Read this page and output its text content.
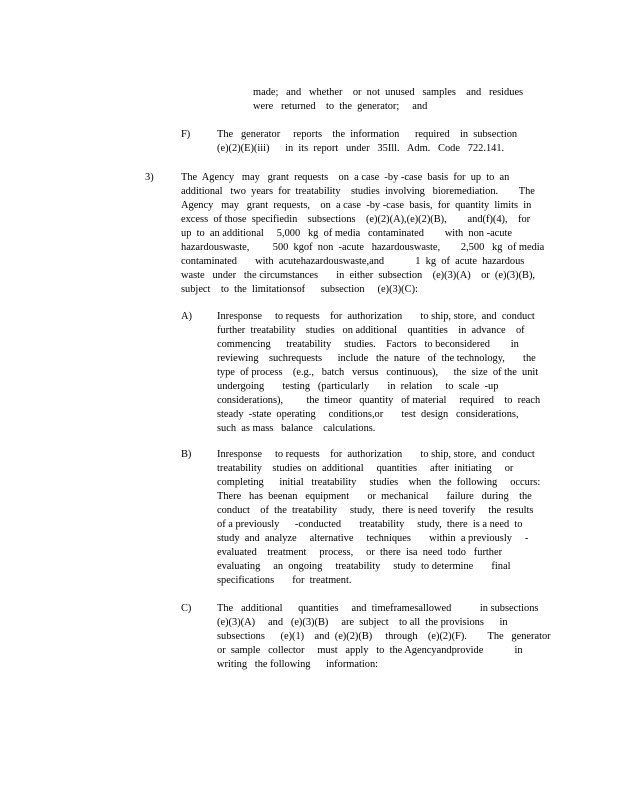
made;   and   whether    or  not  unused   samples    and   residues
were   returned    to  the  generator;     and
F)	The   generator     reports    the  information      required    in  subsection
(e)(2)(E)(iii)      in  its  report   under   35Ill.   Adm.   Code   722.141.
3)	The  Agency   may   grant  requests    on  a case  -by -case  basis  for  up  to  an
additional   two  years  for  treatability    studies  involving   bioremediation.        The
Agency   may   grant  requests,    on  a case  -by -case  basis,  for  quantity  limits  in
excess  of those  specifiedin    subsections    (e)(2)(A),(e)(2)(B),        and(f)(4),    for
up  to  an additional     5,000   kg  of media   contaminated        with  non -acute
hazardouswaste,         500  kgof  non  -acute   hazardouswaste,        2,500   kg  of media
contaminated       with  acutehazardouswaste,and            1  kg  of  acute  hazardous
waste   under   the circumstances       in  either  subsection    (e)(3)(A)    or  (e)(3)(B),
subject    to  the  limitationsof      subsection     (e)(3)(C):
A) Inresponse     to requests    for  authorization       to ship, store,  and  conduct
further  treatability    studies   on additional    quantities    in  advance    of
commencing      treatability     studies.    Factors   to beconsidered        in
reviewing    suchrequests      include   the  nature   of  the technology,       the
type  of process    (e.g.,   batch   versus   continuous),      the  size  of the  unit
undergoing       testing   (particularly       in  relation     to  scale  -up
considerations),         the  timeor   quantity   of material     required    to  reach
steady  -state  operating     conditions,or       test  design   considerations,
such  as mass   balance    calculations.
B) Inresponse     to requests    for  authorization       to ship, store,  and  conduct
treatability    studies  on  additional     quantities     after  initiating     or
completing      initial   treatability     studies    when   the  following     occurs:
There   has  beenan   equipment       or  mechanical       failure   during    the
conduct    of  the  treatability     study,   there  is need  toverify     the  results
of a previously      -conducted       treatability     study,  there  is a need  to
study  and  analyze     alternative     techniques       within  a previously     -
evaluated    treatment     process,     or  there  isa  need  todo   further
evaluating     an  ongoing     treatability     study  to determine       final
specifications       for  treatment.
C) The   additional      quantities     and  timeframesallowed           in subsections
(e)(3)(A)     and   (e)(3)(B)     are  subject    to all  the provisions      in
subsections      (e)(1)    and  (e)(2)(B)     through    (e)(2)(F).        The   generator
or  sample   collector     must   apply   to  the Agencyandprovide            in
writing   the following      information:
